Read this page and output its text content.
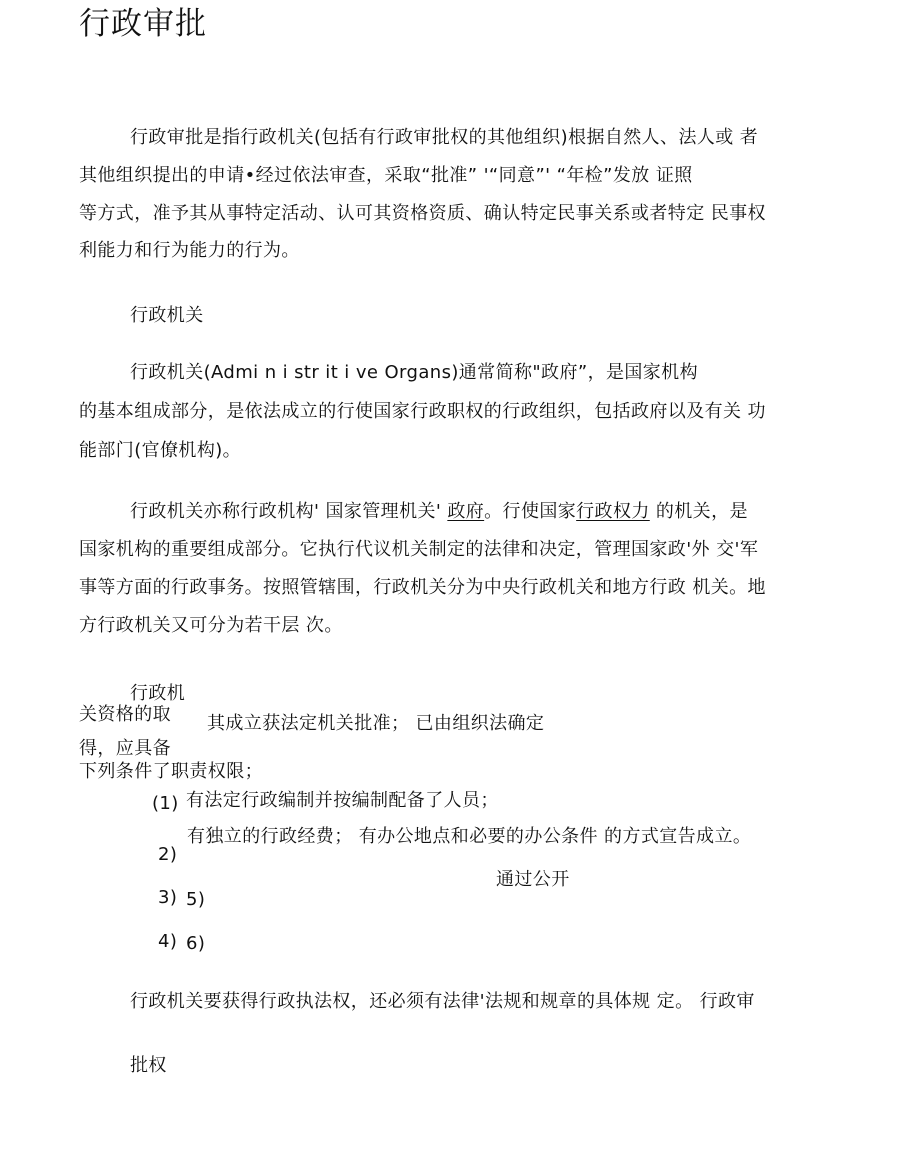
行政审批
行政审批是指行政机关(包括有行政审批权的其他组织)根据自然人、法人或 者
其他组织提出的申请•经过依法审查，采取“批准” '“同意”' “年检”发放 证照
等方式，准予其从事特定活动、认可其资格资质、确认特定民事关系或者特定 民事权
利能力和行为能力的行为。
行政机关
行政机关(Admi n i str it i ve Organs)通常简称"政府”，是国家机构
的基本组成部分，是依法成立的行使国家行政职权的行政组织，包括政府以及有关 功
能部门(官僚机构)。
行政机关亦称行政机构' 国家管理机关' 政府。行使国家行政权力 的机关，是
国家机构的重要组成部分。它执行代议机关制定的法律和决定，管理国家政'外 交'军
事等方面的行政事务。按照管辖围，行政机关分为中央行政机关和地方行政 机关。地
方行政机关又可分为若干层 次。
行政机
关资格的取 其成立获法定机关批准； 已由组织法确定
得，应具备
下列条件了职责权限；
(1) 有法定行政编制并按编制配备了人员；
有独立的行政经费； 有办公地点和必要的办公条件 的方式宣告成立。
2)
通过公开
3) 5)
4) 6)
行政机关要获得行政执法权，还必须有法律'法规和规章的具体规 定。 行政审
批权
